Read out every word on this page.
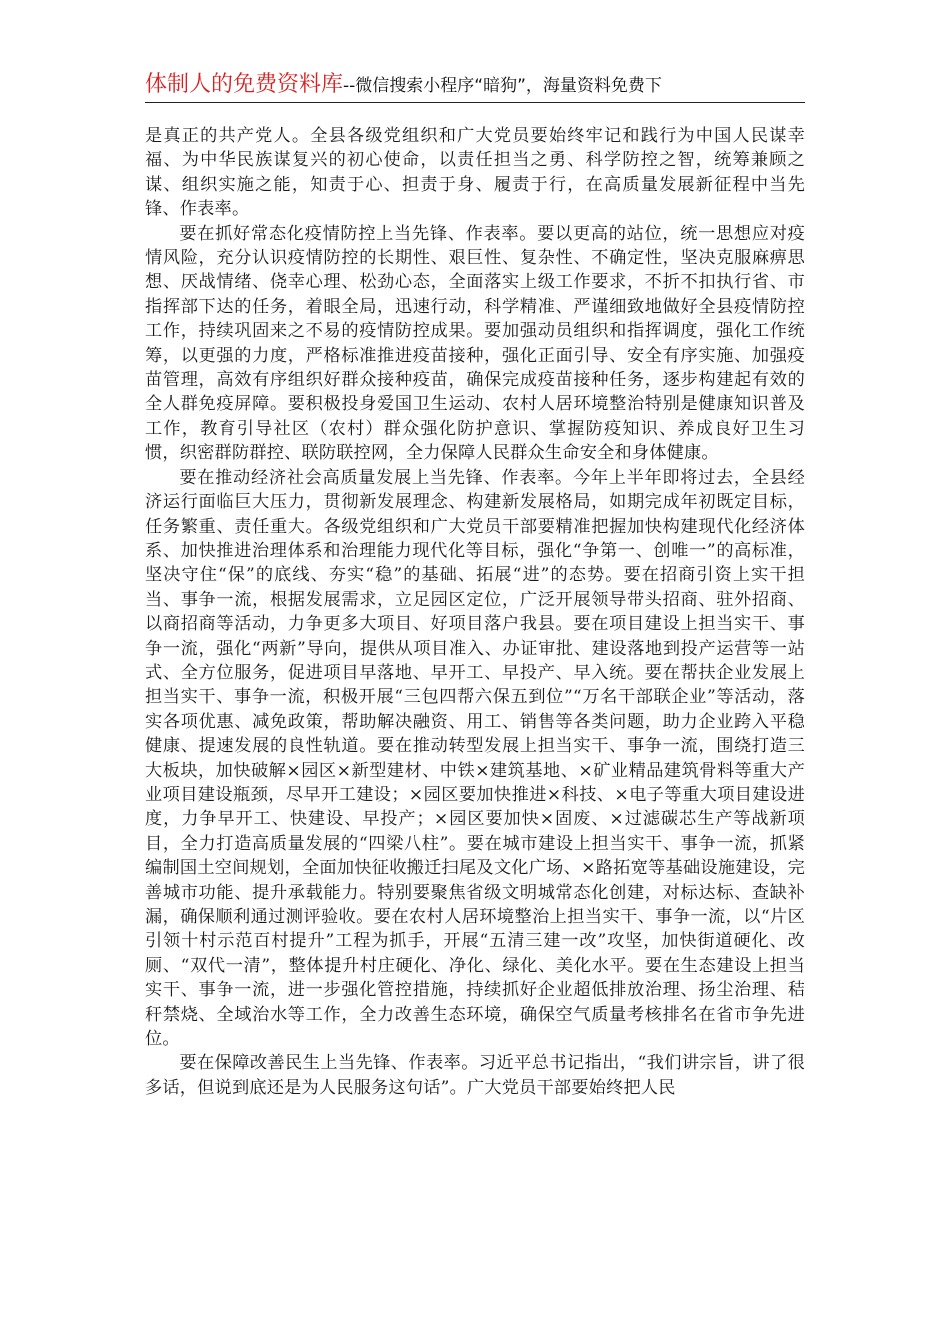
体制人的免费资料库--微信搜索小程序“暗狗”，海量资料免费下

是真正的共产党人。全县各级党组织和广大党员要始终牢记和践行为中国人民谋幸福、为中华民族谋复兴的初心使命，以责任担当之勇、科学防控之智，统筹兼顾之谋、组织实施之能，知责于心、担责于身、履责于行，在高质量发展新征程中当先锋、作表率。

要在抓好常态化疫情防控上当先锋、作表率。要以更高的站位，统一思想应对疫情风险，充分认识疫情防控的长期性、艰巨性、复杂性、不确定性，坚决克服麻痹思想、厌战情绪、侥幸心理、松劲心态，全面落实上级工作要求，不折不扣执行省、市指挥部下达的任务，着眼全局，迅速行动，科学精准、严谨细致地做好全县疫情防控工作，持续巩固来之不易的疫情防控成果。要加强动员组织和指挥调度，强化工作统筹，以更强的力度，严格标准推进疫苗接种，强化正面引导、安全有序实施、加强疫苗管理，高效有序组织好群众接种疫苗，确保完成疫苗接种任务，逐步构建起有效的全人群免疫屏障。要积极投身爱国卫生运动、农村人居环境整治特别是健康知识普及工作，教育引导社区（农村）群众强化防护意识、掌握防疫知识、养成良好卫生习惯，织密群防群控、联防联控网，全力保障人民群众生命安全和身体健康。

要在推动经济社会高质量发展上当先锋、作表率。今年上半年即将过去，全县经济运行面临巨大压力，贯彻新发展理念、构建新发展格局，如期完成年初既定目标，任务繁重、责任重大。各级党组织和广大党员干部要精准把握加快构建现代化经济体系、加快推进治理体系和治理能力现代化等目标，强化“争第一、创唯一”的高标准，坚决守住“保”的底线、夯实“稳”的基础、拓展“进”的态势。要在招商引资上实干担当、事争一流，根据发展需求，立足园区定位，广泛开展领导带头招商、驻外招商、以商招商等活动，力争更多大项目、好项目落户我县。要在项目建设上担当实干、事争一流，强化“两新”导向，提供从项目准入、办证审批、建设落地到投产运营等一站式、全方位服务，促进项目早落地、早开工、早投产、早入统。要在帮扶企业发展上担当实干、事争一流，积极开展“三包四帮六保五到位”“万名干部联企业”等活动，落实各项优惠、减免政策，帮助解决融资、用工、销售等各类问题，助力企业跨入平稳健康、提速发展的良性轨道。要在推动转型发展上担当实干、事争一流，围绕打造三大板块，加快破解×园区×新型建材、中铁×建筑基地、×矿业精品建筑骨料等重大产业项目建设瓶颈，尽早开工建设；×园区要加快推进×科技、×电子等重大项目建设进度，力争早开工、快建设、早投产；×园区要加快×固废、×过滤碳芯生产等战新项目，全力打造高质量发展的“四梁八柱”。要在城市建设上担当实干、事争一流，抓紧编制国土空间规划，全面加快征收搬迁扫尾及文化广场、×路拓宽等基础设施建设，完善城市功能、提升承载能力。特别要聚焦省级文明城常态化创建，对标达标、查缺补漏，确保顺利通过测评验收。要在农村人居环境整治上担当实干、事争一流，以“片区引领十村示范百村提升”工程为抓手，开展“五清三建一改”攻坚，加快街道硬化、改厕、“双代一清”，整体提升村庄硬化、净化、绿化、美化水平。要在生态建设上担当实干、事争一流，进一步强化管控措施，持续抓好企业超低排放治理、扬尘治理、秸秆禁烧、全域治水等工作，全力改善生态环境，确保空气质量考核排名在省市争先进位。

要在保障改善民生上当先锋、作表率。习近平总书记指出，“我们讲宗旨，讲了很多话，但说到底还是为人民服务这句话”。广大党员干部要始终把人民
